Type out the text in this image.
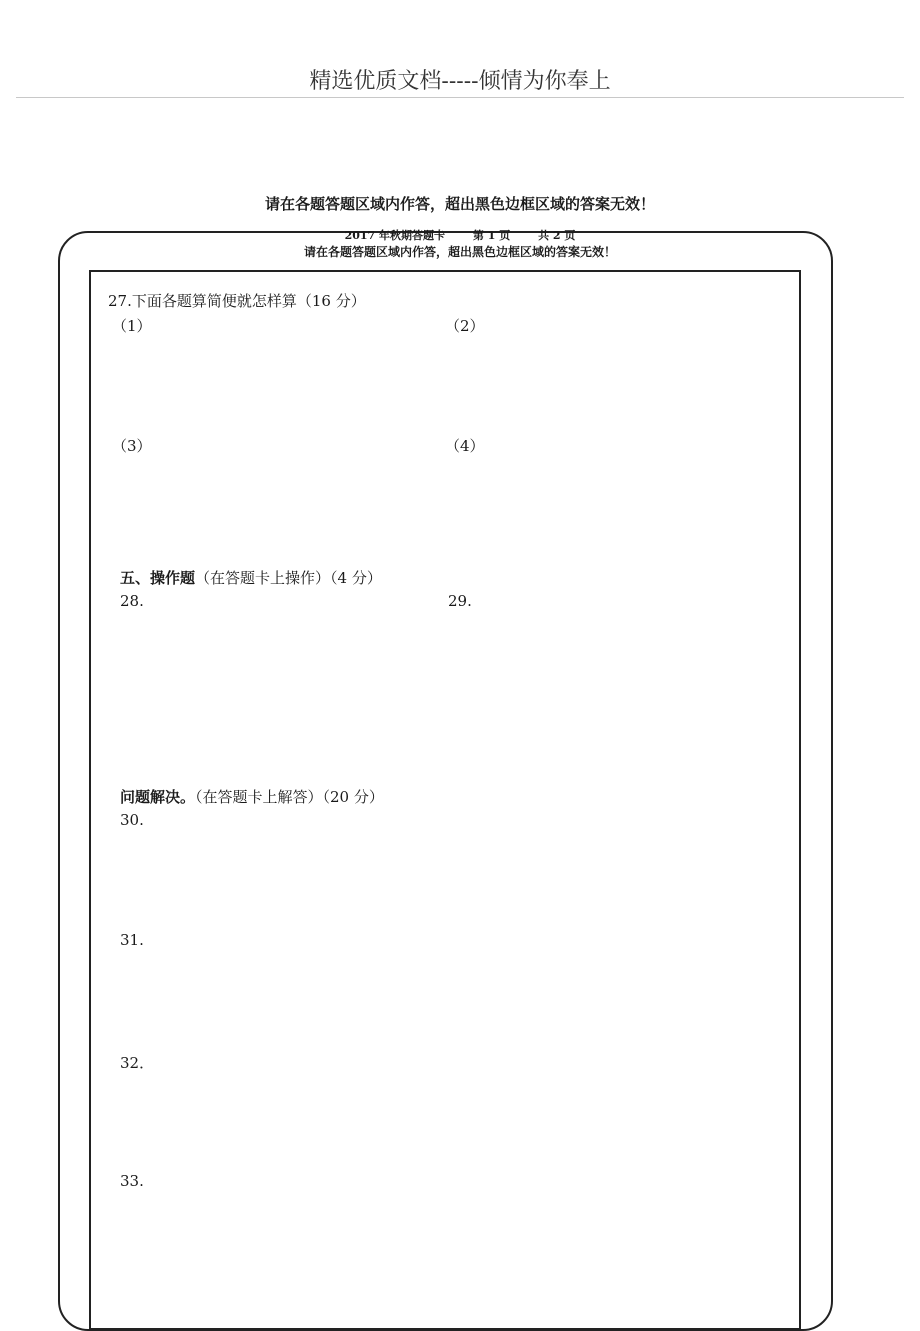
精选优质文档-----倾情为你奉上
请在各题答题区域内作答，超出黑色边框区域的答案无效！
2017 年秋期答题卡	第 1 页	共 2 页
请在各题答题区域内作答，超出黑色边框区域的答案无效！
27.下面各题算简便就怎样算（16 分）
（1）	（2）
（3）	（4）
五、操作题（在答题卡上操作）（4 分）
28.	29.
问题解决。（在答题卡上解答）（20 分）
30.
31.
32．
33.
